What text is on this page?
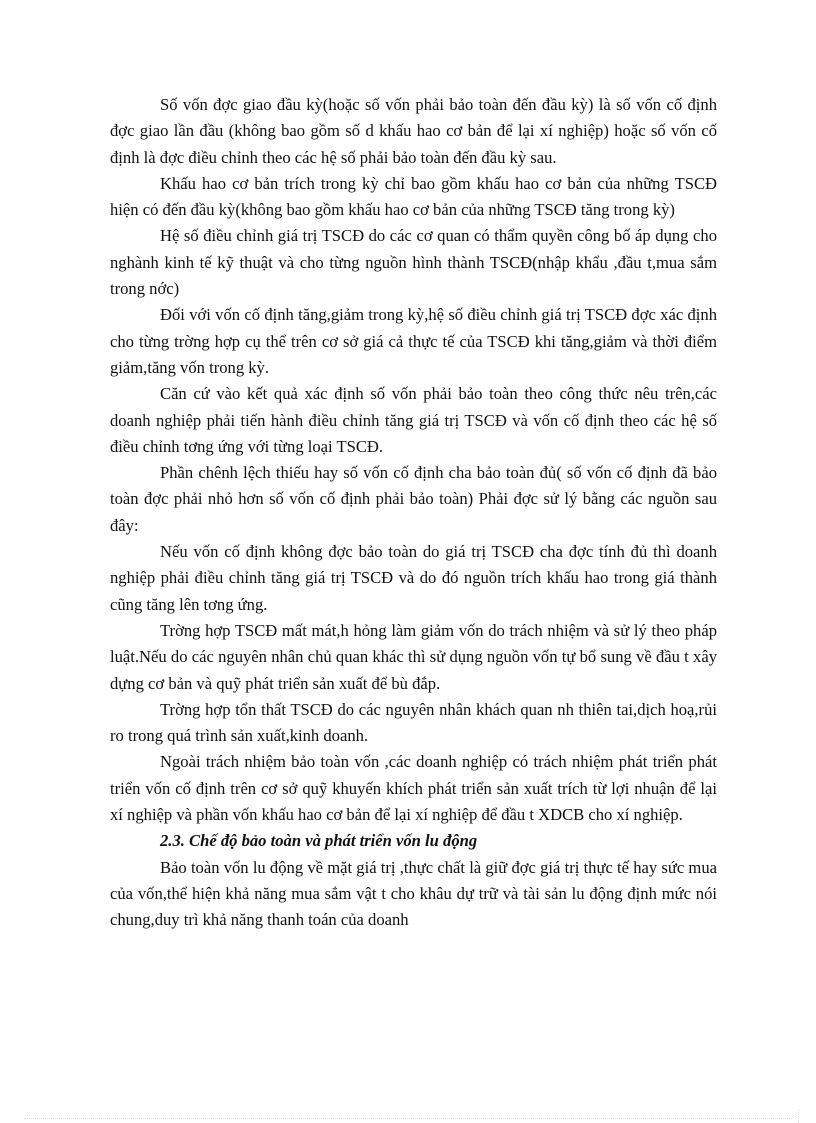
Số vốn đợc giao đầu kỳ(hoặc số vốn phải bảo toàn đến đầu kỳ) là số vốn cố định đợc giao lần đầu (không bao gồm số d khấu hao cơ bản để lại xí nghiệp) hoặc số vốn cố định là đợc điều chỉnh theo các hệ số phải bảo toàn đến đầu kỳ sau.

Khấu hao cơ bản trích trong kỳ chỉ bao gồm khấu hao cơ bản của những TSCĐ hiện có đến đầu kỳ(không bao gồm khấu hao cơ bản của những TSCĐ tăng trong kỳ)

Hệ số điều chỉnh giá trị TSCĐ do các cơ quan có thẩm quyền công bố áp dụng cho nghành kinh tế kỹ thuật và cho từng nguồn hình thành TSCĐ(nhập khẩu ,đầu t,mua sắm trong nớc)

Đối với vốn cố định tăng,giảm trong kỳ,hệ số điều chỉnh giá trị TSCĐ đợc xác định cho từng trờng hợp cụ thể trên cơ sở giá cả thực tế của TSCĐ khi tăng,giảm và thời điểm giảm,tăng vốn trong kỳ.

Căn cứ vào kết quả xác định số vốn phải bảo toàn theo công thức nêu trên,các doanh nghiệp phải tiến hành điều chỉnh tăng giá trị TSCĐ và vốn cố định theo các hệ số điều chỉnh tơng ứng với từng loại TSCĐ.

Phần chênh lệch thiếu hay số vốn cố định cha bảo toàn đủ( số vốn cố định đã bảo toàn đợc phải nhỏ hơn số vốn cố định phải bảo toàn) Phải đợc sử lý bằng các nguồn sau đây:

Nếu vốn cố định không đợc bảo toàn do giá trị TSCĐ cha đợc tính đủ thì doanh nghiệp phải điều chỉnh tăng giá trị TSCĐ và do đó nguồn trích khấu hao trong giá thành cũng tăng lên tơng ứng.

Trờng hợp TSCĐ mất mát,h hỏng làm giảm vốn do trách nhiệm và sử lý theo pháp luật.Nếu do các nguyên nhân chủ quan khác thì sử dụng nguồn vốn tự bổ sung về đầu t xây dựng cơ bản và quỹ phát triển sản xuất để bù đắp.

Trờng hợp tổn thất TSCĐ do các nguyên nhân khách quan nh thiên tai,dịch hoạ,rủi ro trong quá trình sản xuất,kinh doanh.

Ngoài trách nhiệm bảo toàn vốn ,các doanh nghiệp có trách nhiệm phát triển phát triển vốn cố định trên cơ sở quỹ khuyến khích phát triển sản xuất trích từ lợi nhuận để lại xí nghiệp và phần vốn khấu hao cơ bản để lại xí nghiệp để đầu t XDCB cho xí nghiệp.

2.3. Chế độ bảo toàn và phát triển vốn lu động

Bảo toàn vốn lu động về mặt giá trị ,thực chất là giữ đợc giá trị thực tế hay sức mua của vốn,thể hiện khả năng mua sắm vật t cho khâu dự trữ và tài sản lu động định mức nói chung,duy trì khả năng thanh toán của doanh
